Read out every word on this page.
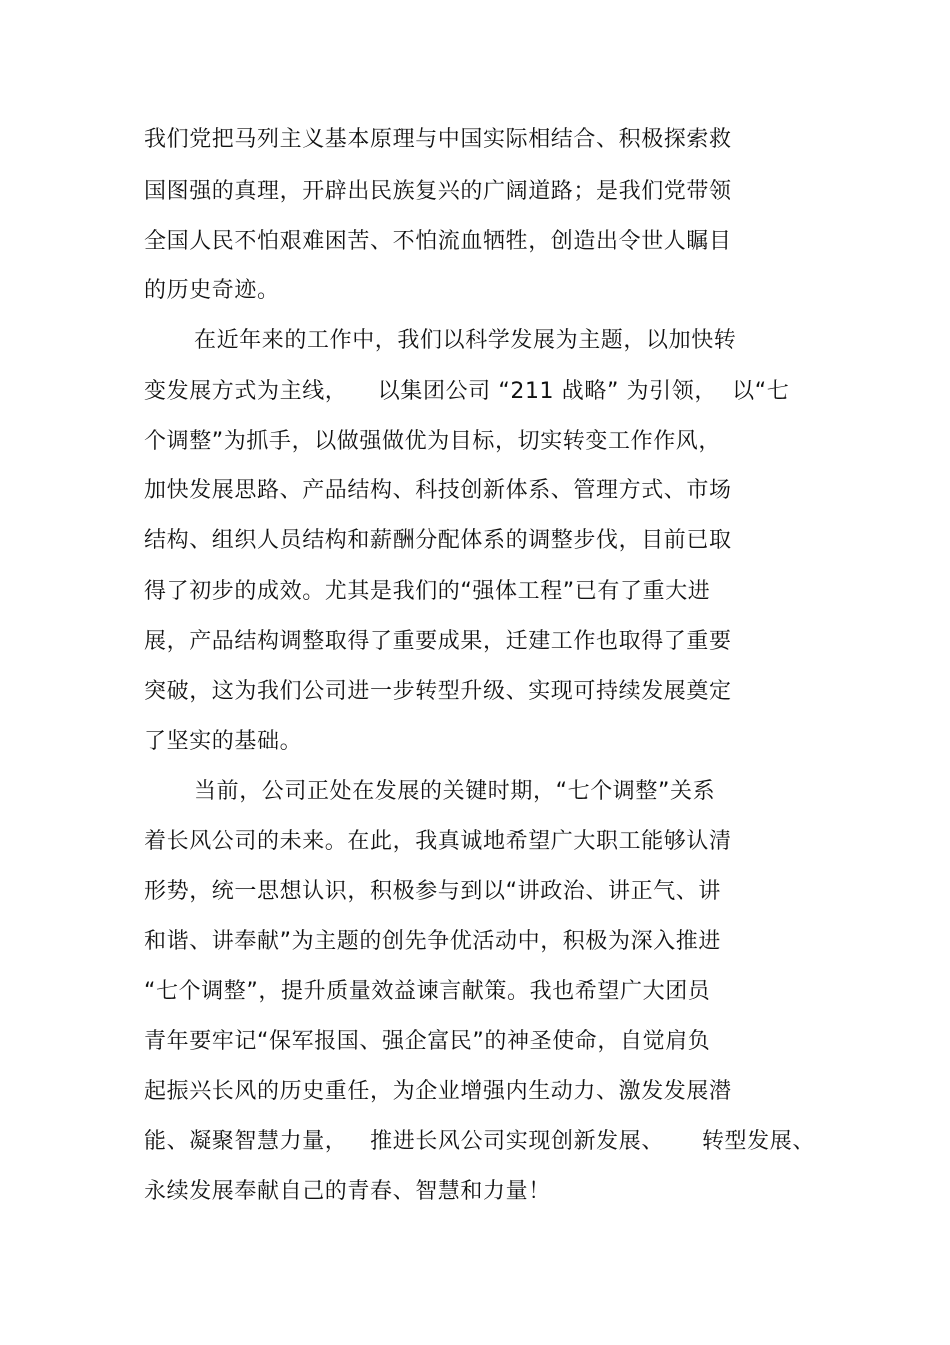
我们党把马列主义基本原理与中国实际相结合、积极探索救

国图强的真理，开辟出民族复兴的广阔道路；是我们党带领

全国人民不怕艰难困苦、不怕流血牺牲，创造出令世人瞩目

的历史奇迹。

在近年来的工作中，我们以科学发展为主题，以加快转

变发展方式为主线，    以集团公司 “211 战略” 为引领，  以“七

个调整”为抓手，以做强做优为目标，切实转变工作作风，

加快发展思路、产品结构、科技创新体系、管理方式、市场

结构、组织人员结构和薪酬分配体系的调整步伐，目前已取

得了初步的成效。尤其是我们的“强体工程”已有了重大进

展，产品结构调整取得了重要成果，迁建工作也取得了重要

突破，这为我们公司进一步转型升级、实现可持续发展奠定

了坚实的基础。

当前，公司正处在发展的关键时期，“七个调整”关系

着长风公司的未来。在此，我真诚地希望广大职工能够认清

形势，统一思想认识，积极参与到以“讲政治、讲正气、讲

和谐、讲奉献”为主题的创先争优活动中，积极为深入推进

“七个调整”，提升质量效益谏言献策。我也希望广大团员

青年要牢记“保军报国、强企富民”的神圣使命，自觉肩负

起振兴长风的历史重任，为企业增强内生动力、激发发展潜

能、凝聚智慧力量，   推进长风公司实现创新发展、     转型发展、

永续发展奉献自己的青春、智慧和力量！
